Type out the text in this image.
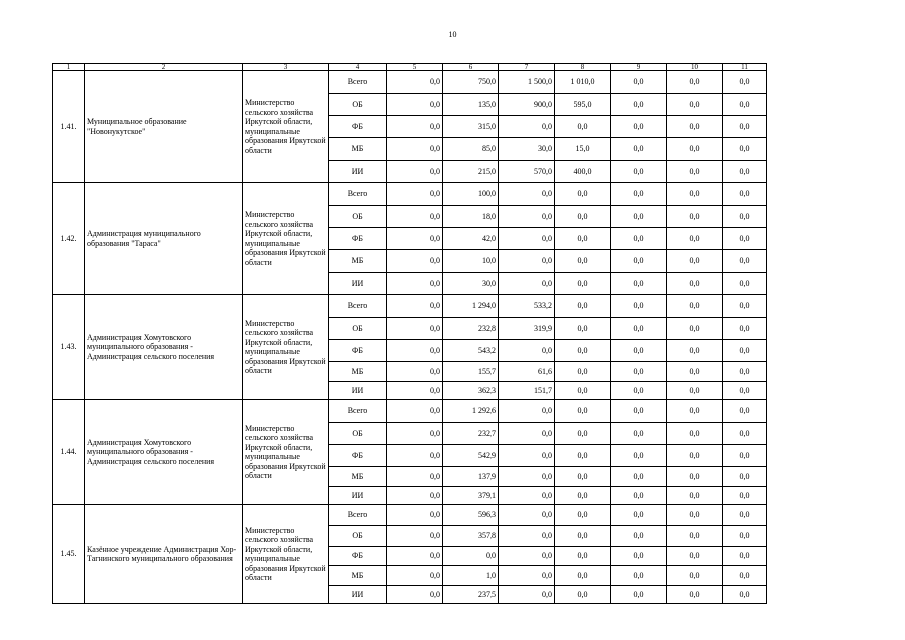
10
1	2	3	4	5	6	7	8	9	10	11
1.41.	Муниципальное образование "Новонукутское"	Министерство сельского хозяйства Иркутской области, муниципальные образования Иркутской области	Всего	0,0	750,0	1 500,0	1 010,0	0,0	0,0	0,0
			ОБ	0,0	135,0	900,0	595,0	0,0	0,0	0,0
			ФБ	0,0	315,0	0,0	0,0	0,0	0,0	0,0
			МБ	0,0	85,0	30,0	15,0	0,0	0,0	0,0
			ИИ	0,0	215,0	570,0	400,0	0,0	0,0	0,0
1.42.	Администрация муниципального образования "Тараса"	Министерство сельского хозяйства Иркутской области, муниципальные образования Иркутской области	Всего	0,0	100,0	0,0	0,0	0,0	0,0	0,0
			ОБ	0,0	18,0	0,0	0,0	0,0	0,0	0,0
			ФБ	0,0	42,0	0,0	0,0	0,0	0,0	0,0
			МБ	0,0	10,0	0,0	0,0	0,0	0,0	0,0
			ИИ	0,0	30,0	0,0	0,0	0,0	0,0	0,0
1.43.	Администрация Хомутовского муниципального образования - Администрация сельского поселения	Министерство сельского хозяйства Иркутской области, муниципальные образования Иркутской области	Всего	0,0	1 294,0	533,2	0,0	0,0	0,0	0,0
			ОБ	0,0	232,8	319,9	0,0	0,0	0,0	0,0
			ФБ	0,0	543,2	0,0	0,0	0,0	0,0	0,0
			МБ	0,0	155,7	61,6	0,0	0,0	0,0	0,0
			ИИ	0,0	362,3	151,7	0,0	0,0	0,0	0,0
1.44.	Администрация Хомутовского муниципального образования - Администрация сельского поселения	Министерство сельского хозяйства Иркутской области, муниципальные образования Иркутской области	Всего	0,0	1 292,6	0,0	0,0	0,0	0,0	0,0
			ОБ	0,0	232,7	0,0	0,0	0,0	0,0	0,0
			ФБ	0,0	542,9	0,0	0,0	0,0	0,0	0,0
			МБ	0,0	137,9	0,0	0,0	0,0	0,0	0,0
			ИИ	0,0	379,1	0,0	0,0	0,0	0,0	0,0
1.45.	Казённое учреждение Администрация Хор-Тагнинского муниципального образования	Министерство сельского хозяйства Иркутской области, муниципальные образования Иркутской области	Всего	0,0	596,3	0,0	0,0	0,0	0,0	0,0
			ОБ	0,0	357,8	0,0	0,0	0,0	0,0	0,0
			ФБ	0,0	0,0	0,0	0,0	0,0	0,0	0,0
			МБ	0,0	1,0	0,0	0,0	0,0	0,0	0,0
			ИИ	0,0	237,5	0,0	0,0	0,0	0,0	0,0
